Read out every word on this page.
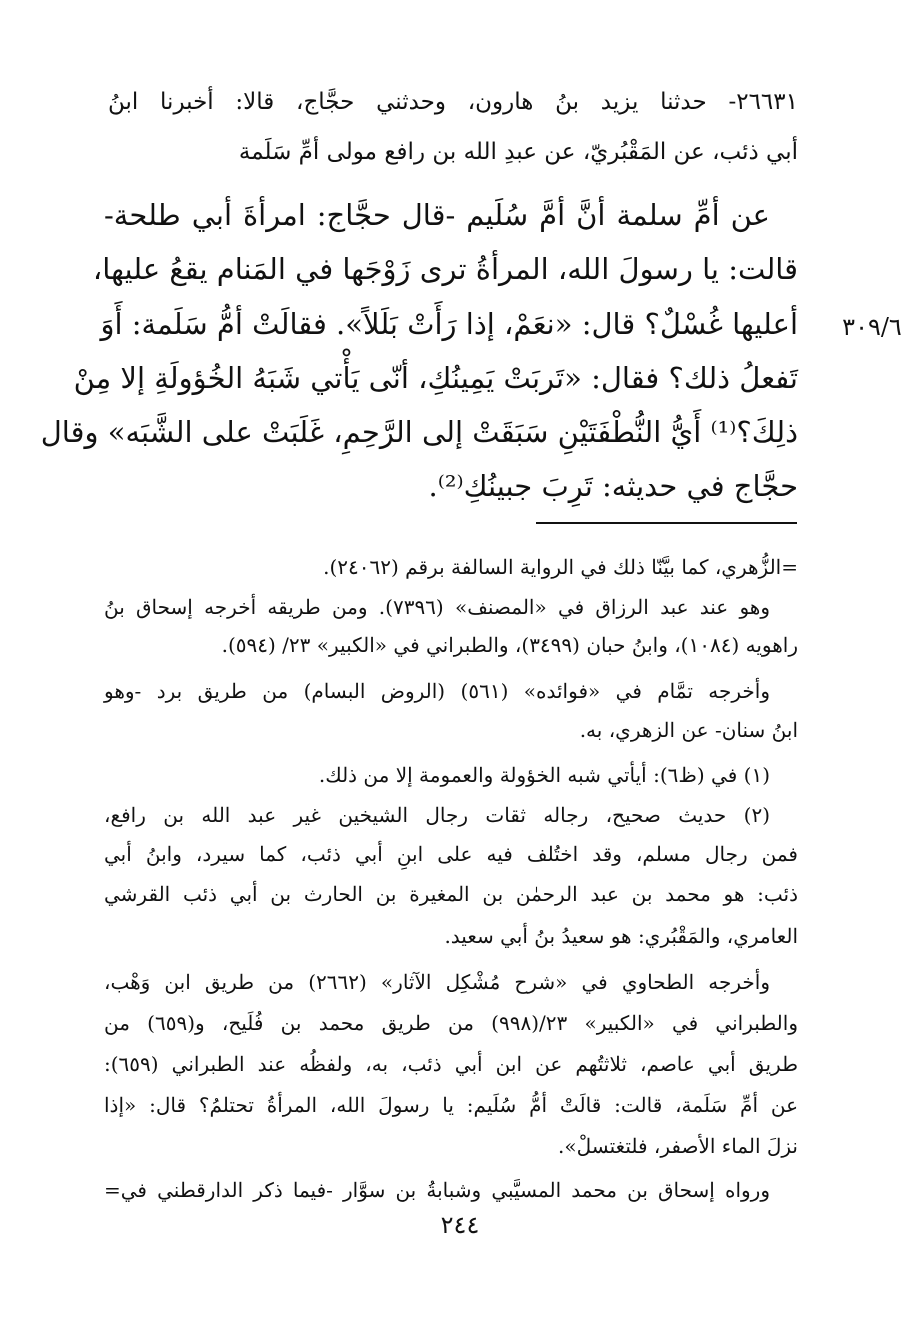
٣٠٩/٦
٢٦٦٣١- حدثنا يزيد بنُ هارون، وحدثني حجَّاج، قالا: أخبرنا ابنُ
أبي ذئب، عن المَقْبُريّ، عن عبدِ الله بن رافع مولى أمِّ سَلَمة
عن أمِّ سلمة أنَّ أمَّ سُلَيم -قال حجَّاج: امرأةَ أبي طلحة-
قالت: يا رسولَ الله، المرأةُ ترى زَوْجَها في المَنام يقعُ عليها،
أعليها غُسْلٌ؟ قال: «نعَمْ، إذا رَأَتْ بَلَلاً». فقالَتْ أمُّ سَلَمة: أَوَ
تَفعلُ ذلك؟ فقال: «تَربَتْ يَمِينُكِ، أنّى يَأْتي شَبَهُ الخُؤولَةِ إلا مِنْ
ذلِكَ؟⁽¹⁾ أَيُّ النُّطْفَتَيْنِ سَبَقَتْ إلى الرَّحِمِ، غَلَبَتْ على الشَّبَه» وقال
حجَّاج في حديثه: تَرِبَ جبينُكِ⁽²⁾.
=الزُّهري، كما بيَّنّا ذلك في الرواية السالفة برقم (٢٤٠٦٢).
وهو عند عبد الرزاق في «المصنف» (٧٣٩٦). ومن طريقه أخرجه إسحاق بنُ
راهويه (١٠٨٤)، وابنُ حبان (٣٤٩٩)، والطبراني في «الكبير» ٢٣/ (٥٩٤).
وأخرجه تمَّام في «فوائده» (٥٦١) (الروض البسام) من طريق برد -وهو
ابنُ سنان- عن الزهري، به.
(١) في (ظ٦): أيأتي شبه الخؤولة والعمومة إلا من ذلك.
(٢) حديث صحيح، رجاله ثقات رجال الشيخين غير عبد الله بن رافع،
فمن رجال مسلم، وقد اختُلف فيه على ابنِ أبي ذئب، كما سيرد، وابنُ أبي
ذئب: هو محمد بن عبد الرحمٰن بن المغيرة بن الحارث بن أبي ذئب القرشي
العامري، والمَقْبُري: هو سعيدُ بنُ أبي سعيد.
وأخرجه الطحاوي في «شرح مُشْكِل الآثار» (٢٦٦٢) من طريق ابن وَهْب،
والطبراني في «الكبير» ٢٣/(٩٩٨) من طريق محمد بن فُلَيح، و(٦٥٩) من
طريق أبي عاصم، ثلاثتُهم عن ابن أبي ذئب، به، ولفظُه عند الطبراني (٦٥٩):
عن أمِّ سَلَمة، قالت: قالَتْ أمُّ سُلَيم: يا رسولَ الله، المرأةُ تحتلمُ؟ قال: «إذا
نزلَ الماء الأصفر، فلتغتسلْ».
ورواه إسحاق بن محمد المسيَّبي وشبابةُ بن سوَّار -فيما ذكر الدارقطني في=
٢٤٤
